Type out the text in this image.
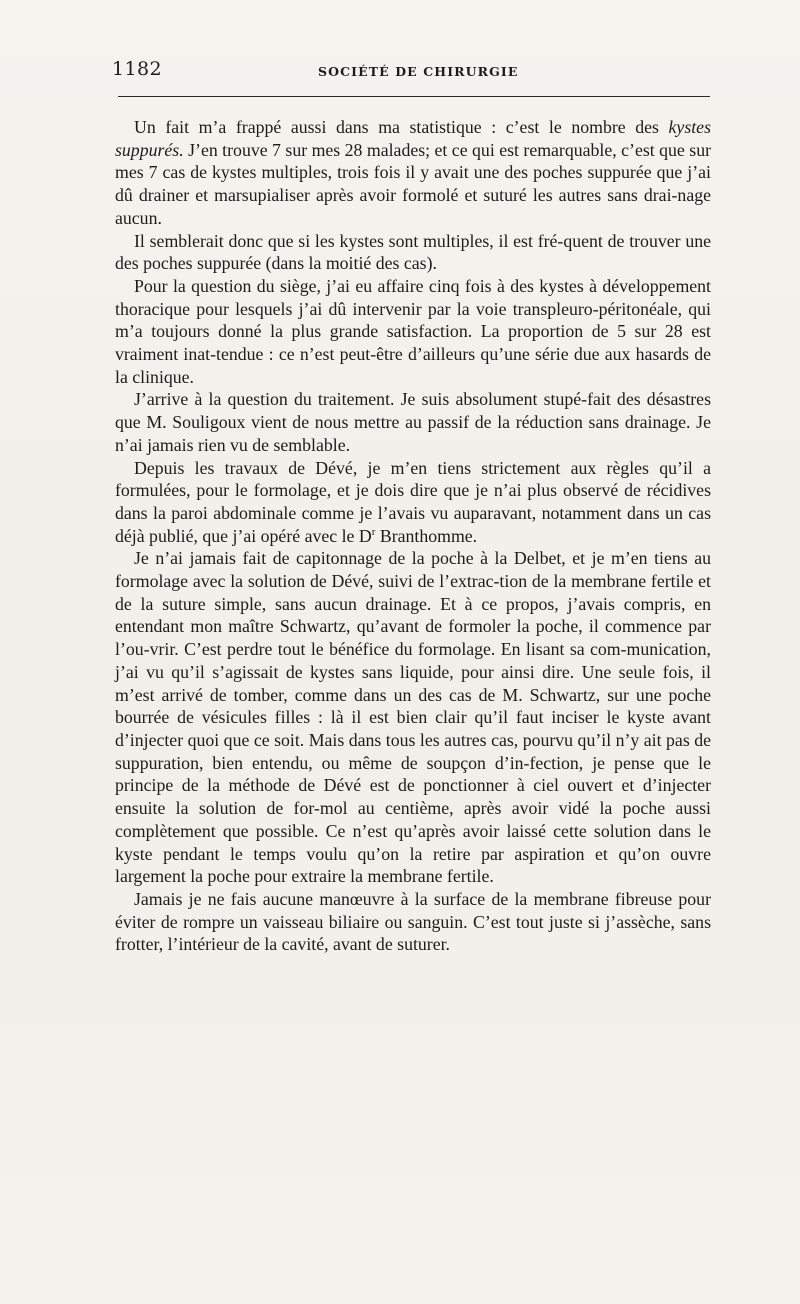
1182	SOCIÉTÉ DE CHIRURGIE

Un fait m’a frappé aussi dans ma statistique : c’est le nombre des kystes suppurés. J’en trouve 7 sur mes 28 malades; et ce qui est remarquable, c’est que sur mes 7 cas de kystes multiples, trois fois il y avait une des poches suppurée que j’ai dû drainer et marsupialiser après avoir formolé et suturé les autres sans drai-nage aucun.

Il semblerait donc que si les kystes sont multiples, il est fré-quent de trouver une des poches suppurée (dans la moitié des cas).

Pour la question du siège, j’ai eu affaire cinq fois à des kystes à développement thoracique pour lesquels j’ai dû intervenir par la voie transpleuro-péritonéale, qui m’a toujours donné la plus grande satisfaction. La proportion de 5 sur 28 est vraiment inat-tendue : ce n’est peut-être d’ailleurs qu’une série due aux hasards de la clinique.

J’arrive à la question du traitement. Je suis absolument stupé-fait des désastres que M. Souligoux vient de nous mettre au passif de la réduction sans drainage. Je n’ai jamais rien vu de semblable.

Depuis les travaux de Dévé, je m’en tiens strictement aux règles qu’il a formulées, pour le formolage, et je dois dire que je n’ai plus observé de récidives dans la paroi abdominale comme je l’avais vu auparavant, notamment dans un cas déjà publié, que j’ai opéré avec le $D^r$ Branthomme.

Je n’ai jamais fait de capitonnage de la poche à la Delbet, et je m’en tiens au formolage avec la solution de Dévé, suivi de l’extrac-tion de la membrane fertile et de la suture simple, sans aucun drainage. Et à ce propos, j’avais compris, en entendant mon maître Schwartz, qu’avant de formoler la poche, il commence par l’ou-vrir. C’est perdre tout le bénéfice du formolage. En lisant sa com-munication, j’ai vu qu’il s’agissait de kystes sans liquide, pour ainsi dire. Une seule fois, il m’est arrivé de tomber, comme dans un des cas de M. Schwartz, sur une poche bourrée de vésicules filles : là il est bien clair qu’il faut inciser le kyste avant d’injecter quoi que ce soit. Mais dans tous les autres cas, pourvu qu’il n’y ait pas de suppuration, bien entendu, ou même de soupçon d’in-fection, je pense que le principe de la méthode de Dévé est de ponctionner à ciel ouvert et d’injecter ensuite la solution de for-mol au centième, après avoir vidé la poche aussi complètement que possible. Ce n’est qu’après avoir laissé cette solution dans le kyste pendant le temps voulu qu’on la retire par aspiration et qu’on ouvre largement la poche pour extraire la membrane fertile.

Jamais je ne fais aucune manœuvre à la surface de la membrane fibreuse pour éviter de rompre un vaisseau biliaire ou sanguin. C’est tout juste si j’assèche, sans frotter, l’intérieur de la cavité, avant de suturer.
